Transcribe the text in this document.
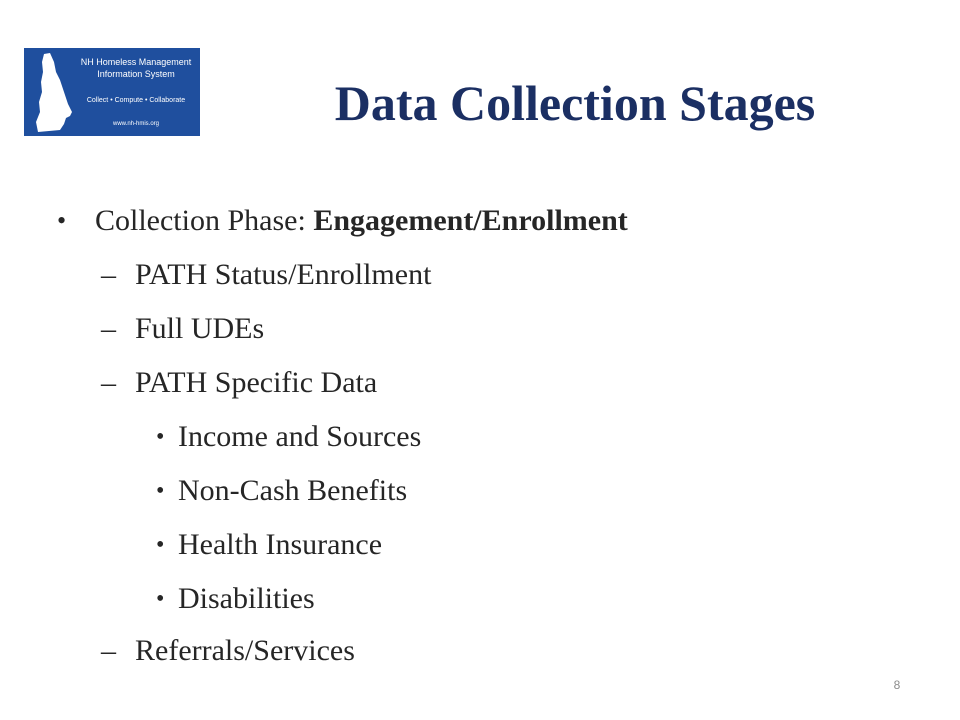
NH Homeless Management
Information System
Collect • Compute • Collaborate
www.nh-hmis.org	Data Collection Stages
• Collection Phase: Engagement/Enrollment
– PATH Status/Enrollment
– Full UDEs
– PATH Specific Data
• Income and Sources
• Non-Cash Benefits
• Health Insurance
• Disabilities
– Referrals/Services
8
